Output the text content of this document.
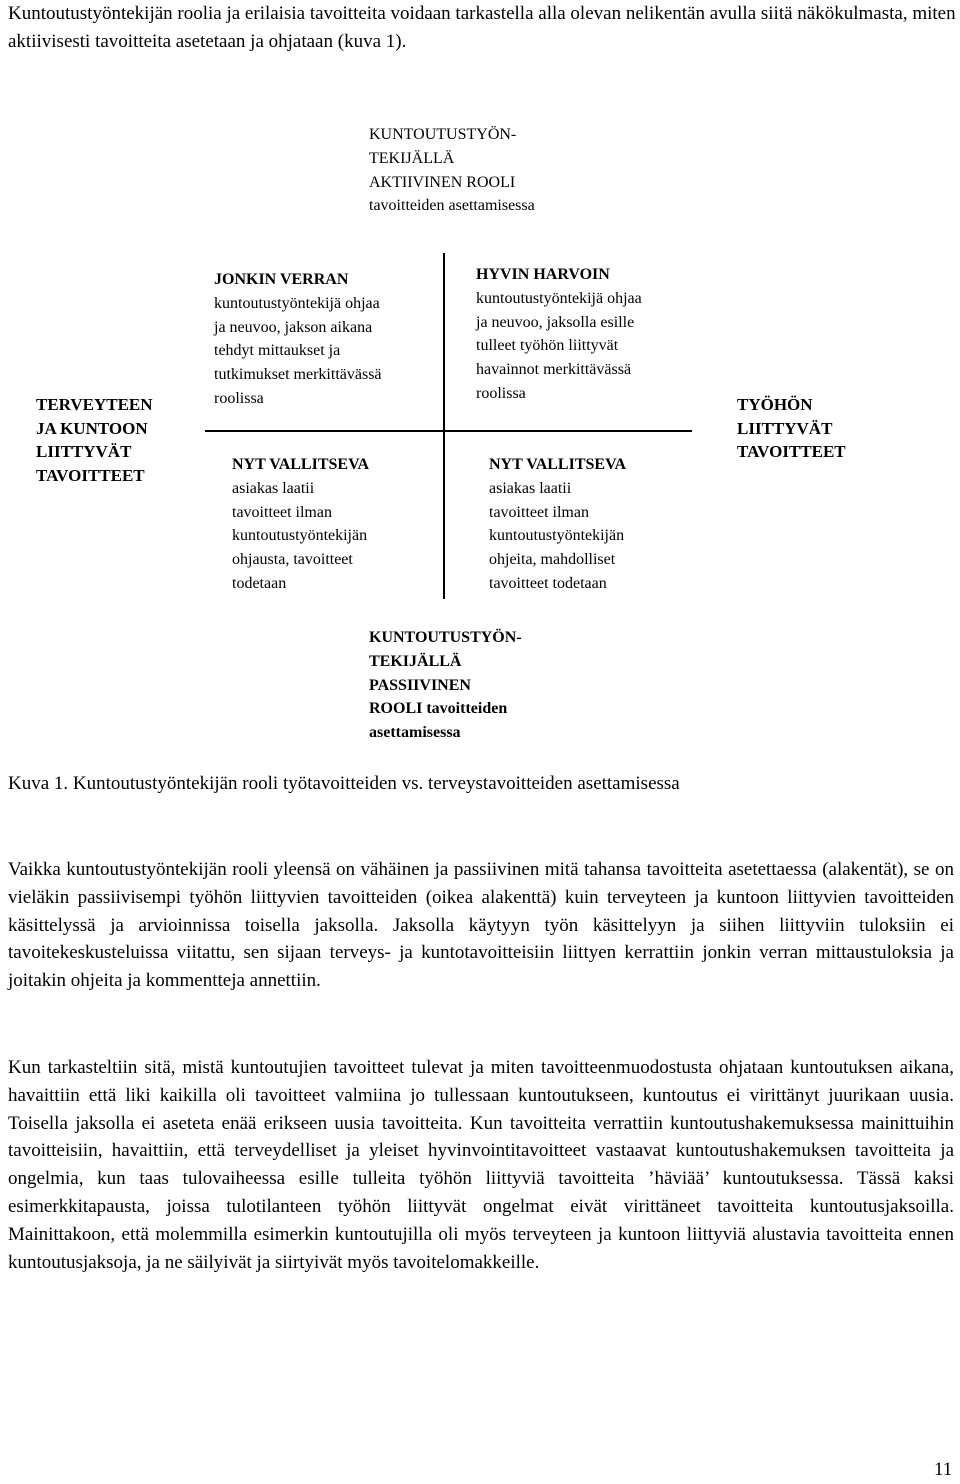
Kuntoutustyöntekijän roolia ja erilaisia tavoitteita voidaan tarkastella alla olevan nelikentän avulla siitä näkökulmasta, miten aktiivisesti tavoitteita asetetaan ja ohjataan (kuva 1).

KUNTOUTUSTYÖN-
TEKIJÄLLÄ
AKTIIVINEN ROOLI
tavoitteiden asettamisessa
TERVEYTEEN
JA KUNTOON
LIITTYVÄT
TAVOITTEET
JONKIN VERRAN
kuntoutustyöntekijä ohjaa
ja neuvoo, jakson aikana
tehdyt mittaukset ja
tutkimukset merkittävässä
roolissa
HYVIN HARVOIN
kuntoutustyöntekijä ohjaa
ja neuvoo, jaksolla esille
tulleet työhön liittyvät
havainnot merkittävässä
roolissa
NYT VALLITSEVA
asiakas laatii
tavoitteet ilman
kuntoutustyöntekijän
ohjausta, tavoitteet
todetaan
NYT VALLITSEVA
asiakas laatii
tavoitteet ilman
kuntoutustyöntekijän
ohjeita, mahdolliset
tavoitteet todetaan
TYÖHÖN
LIITTYVÄT
TAVOITTEET
KUNTOUTUSTYÖN-
TEKIJÄLLÄ
PASSIIVINEN
ROOLI tavoitteiden
asettamisessa

Kuva 1. Kuntoutustyöntekijän rooli työtavoitteiden vs. terveystavoitteiden asettamisessa

Vaikka kuntoutustyöntekijän rooli yleensä on vähäinen ja passiivinen mitä tahansa tavoitteita asetettaessa (alakentät), se on vieläkin passiivisempi työhön liittyvien tavoitteiden (oikea alakenttä) kuin terveyteen ja kuntoon liittyvien tavoitteiden käsittelyssä ja arvioinnissa toisella jaksolla. Jaksolla käytyyn työn käsittelyyn ja siihen liittyviin tuloksiin ei tavoitekeskusteluissa viitattu, sen sijaan terveys- ja kuntotavoitteisiin liittyen kerrattiin jonkin verran mittaustuloksia ja joitakin ohjeita ja kommentteja annettiin.

Kun tarkasteltiin sitä, mistä kuntoutujien tavoitteet tulevat ja miten tavoitteenmuodostusta ohjataan kuntoutuksen aikana, havaittiin että liki kaikilla oli tavoitteet valmiina jo tullessaan kuntoutukseen, kuntoutus ei virittänyt juurikaan uusia. Toisella jaksolla ei aseteta enää erikseen uusia tavoitteita. Kun tavoitteita verrattiin kuntoutushakemuksessa mainittuihin tavoitteisiin, havaittiin, että terveydelliset ja yleiset hyvinvointitavoitteet vastaavat kuntoutushakemuksen tavoitteita ja ongelmia, kun taas tulovaiheessa esille tulleita työhön liittyviä tavoitteita ’häviää’ kuntoutuksessa. Tässä kaksi esimerkkitapausta, joissa tulotilanteen työhön liittyvät ongelmat eivät virittäneet tavoitteita kuntoutusjaksoilla. Mainittakoon, että molemmilla esimerkin kuntoutujilla oli myös terveyteen ja kuntoon liittyviä alustavia tavoitteita ennen kuntoutusjaksoja, ja ne säilyivät ja siirtyivät myös tavoitelomakkeille.

11
